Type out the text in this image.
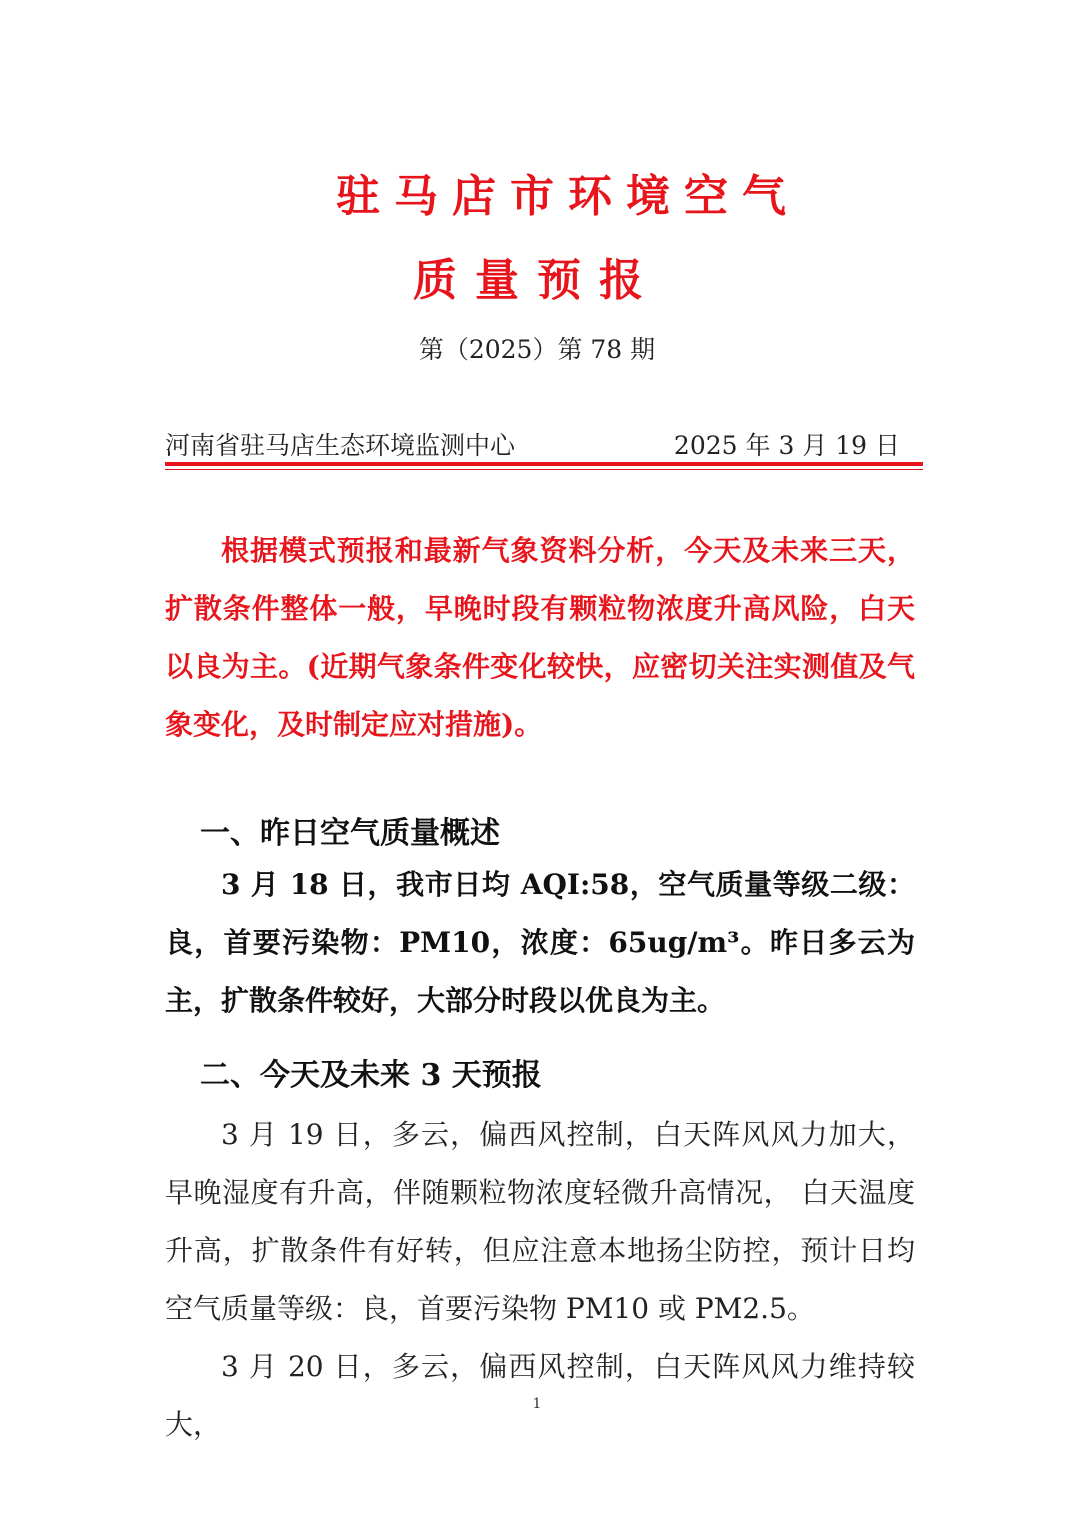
驻马店市环境空气
质量预报
第（2025）第 78 期
河南省驻马店生态环境监测中心	2025 年 3 月 19 日

根据模式预报和最新气象资料分析，今天及未来三天，扩散条件整体一般，早晚时段有颗粒物浓度升高风险，白天以良为主。(近期气象条件变化较快，应密切关注实测值及气象变化，及时制定应对措施)。

一、昨日空气质量概述

3 月 18 日，我市日均 AQI:58，空气质量等级二级：良，首要污染物：PM10，浓度：65ug/m³。昨日多云为主，扩散条件较好，大部分时段以优良为主。

二、今天及未来 3 天预报

3 月 19 日，多云，偏西风控制，白天阵风风力加大，早晚湿度有升高，伴随颗粒物浓度轻微升高情况， 白天温度升高，扩散条件有好转，但应注意本地扬尘防控，预计日均空气质量等级：良，首要污染物 PM10 或 PM2.5。

3 月 20 日，多云，偏西风控制，白天阵风风力维持较大，

1
